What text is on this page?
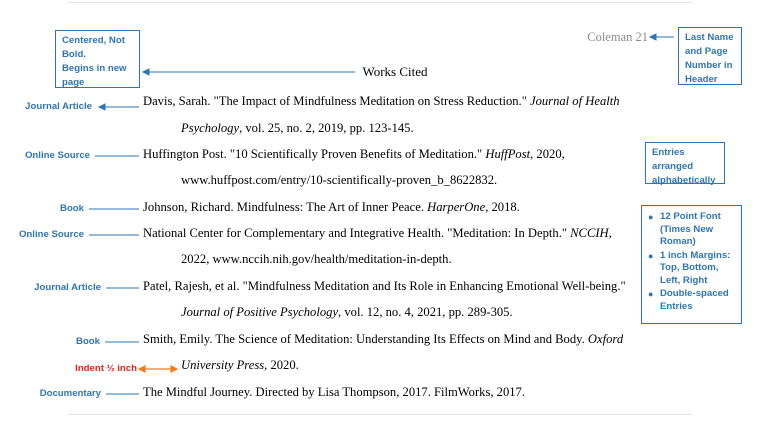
Coleman 21
Works Cited
Davis, Sarah. "The Impact of Mindfulness Meditation on Stress Reduction." Journal of Health
Psychology, vol. 25, no. 2, 2019, pp. 123-145.
Huffington Post. "10 Scientifically Proven Benefits of Meditation." HuffPost, 2020,
www.huffpost.com/entry/10-scientifically-proven_b_8622832.
Johnson, Richard. Mindfulness: The Art of Inner Peace. HarperOne, 2018.
National Center for Complementary and Integrative Health. "Meditation: In Depth." NCCIH,
2022, www.nccih.nih.gov/health/meditation-in-depth.
Patel, Rajesh, et al. "Mindfulness Meditation and Its Role in Enhancing Emotional Well-being."
Journal of Positive Psychology, vol. 12, no. 4, 2021, pp. 289-305.
Smith, Emily. The Science of Meditation: Understanding Its Effects on Mind and Body. Oxford
University Press, 2020.
The Mindful Journey. Directed by Lisa Thompson, 2017. FilmWorks, 2017.
Centered, Not
Bold.
Begins in new
page
Last Name
and Page
Number in
Header
Entries
arranged
alphabetically
● 12 Point Font
(Times New
Roman)
● 1 inch Margins:
Top, Bottom,
Left, Right
● Double-spaced
Entries
Journal Article
Online Source
Book
Online Source
Journal Article
Book
Indent ½ inch
Documentary
